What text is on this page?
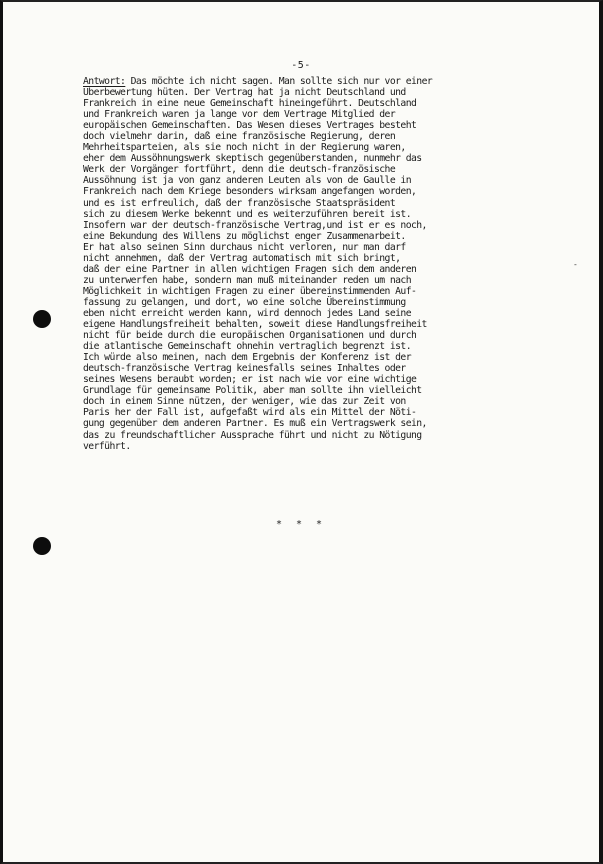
-5-
Antwort: Das möchte ich nicht sagen. Man sollte sich nur vor einer
Überbewertung hüten. Der Vertrag hat ja nicht Deutschland und
Frankreich in eine neue Gemeinschaft hineingeführt. Deutschland
und Frankreich waren ja lange vor dem Vertrage Mitglied der
europäischen Gemeinschaften. Das Wesen dieses Vertrages besteht
doch vielmehr darin, daß eine französische Regierung, deren
Mehrheitsparteien, als sie noch nicht in der Regierung waren,
eher dem Aussöhnungswerk skeptisch gegenüberstanden, nunmehr das
Werk der Vorgänger fortführt, denn die deutsch-französische
Aussöhnung ist ja von ganz anderen Leuten als von de Gaulle in
Frankreich nach dem Kriege besonders wirksam angefangen worden,
und es ist erfreulich, daß der französische Staatspräsident
sich zu diesem Werke bekennt und es weiterzuführen bereit ist.
Insofern war der deutsch-französische Vertrag,und ist er es noch,
eine Bekundung des Willens zu möglichst enger Zusammenarbeit.
Er hat also seinen Sinn durchaus nicht verloren, nur man darf
nicht annehmen, daß der Vertrag automatisch mit sich bringt,
daß der eine Partner in allen wichtigen Fragen sich dem anderen
zu unterwerfen habe, sondern man muß miteinander reden um nach
Möglichkeit in wichtigen Fragen zu einer übereinstimmenden Auf-
fassung zu gelangen, und dort, wo eine solche Übereinstimmung
eben nicht erreicht werden kann, wird dennoch jedes Land seine
eigene Handlungsfreiheit behalten, soweit diese Handlungsfreiheit
nicht für beide durch die europäischen Organisationen und durch
die atlantische Gemeinschaft ohnehin vertraglich begrenzt ist.
Ich würde also meinen, nach dem Ergebnis der Konferenz ist der
deutsch-französische Vertrag keinesfalls seines Inhaltes oder
seines Wesens beraubt worden; er ist nach wie vor eine wichtige
Grundlage für gemeinsame Politik, aber man sollte ihn vielleicht
doch in einem Sinne nützen, der weniger, wie das zur Zeit von
Paris her der Fall ist, aufgefaßt wird als ein Mittel der Nöti-
gung gegenüber dem anderen Partner. Es muß ein Vertragswerk sein,
das zu freundschaftlicher Aussprache führt und nicht zu Nötigung
verführt.
* * *
‑
